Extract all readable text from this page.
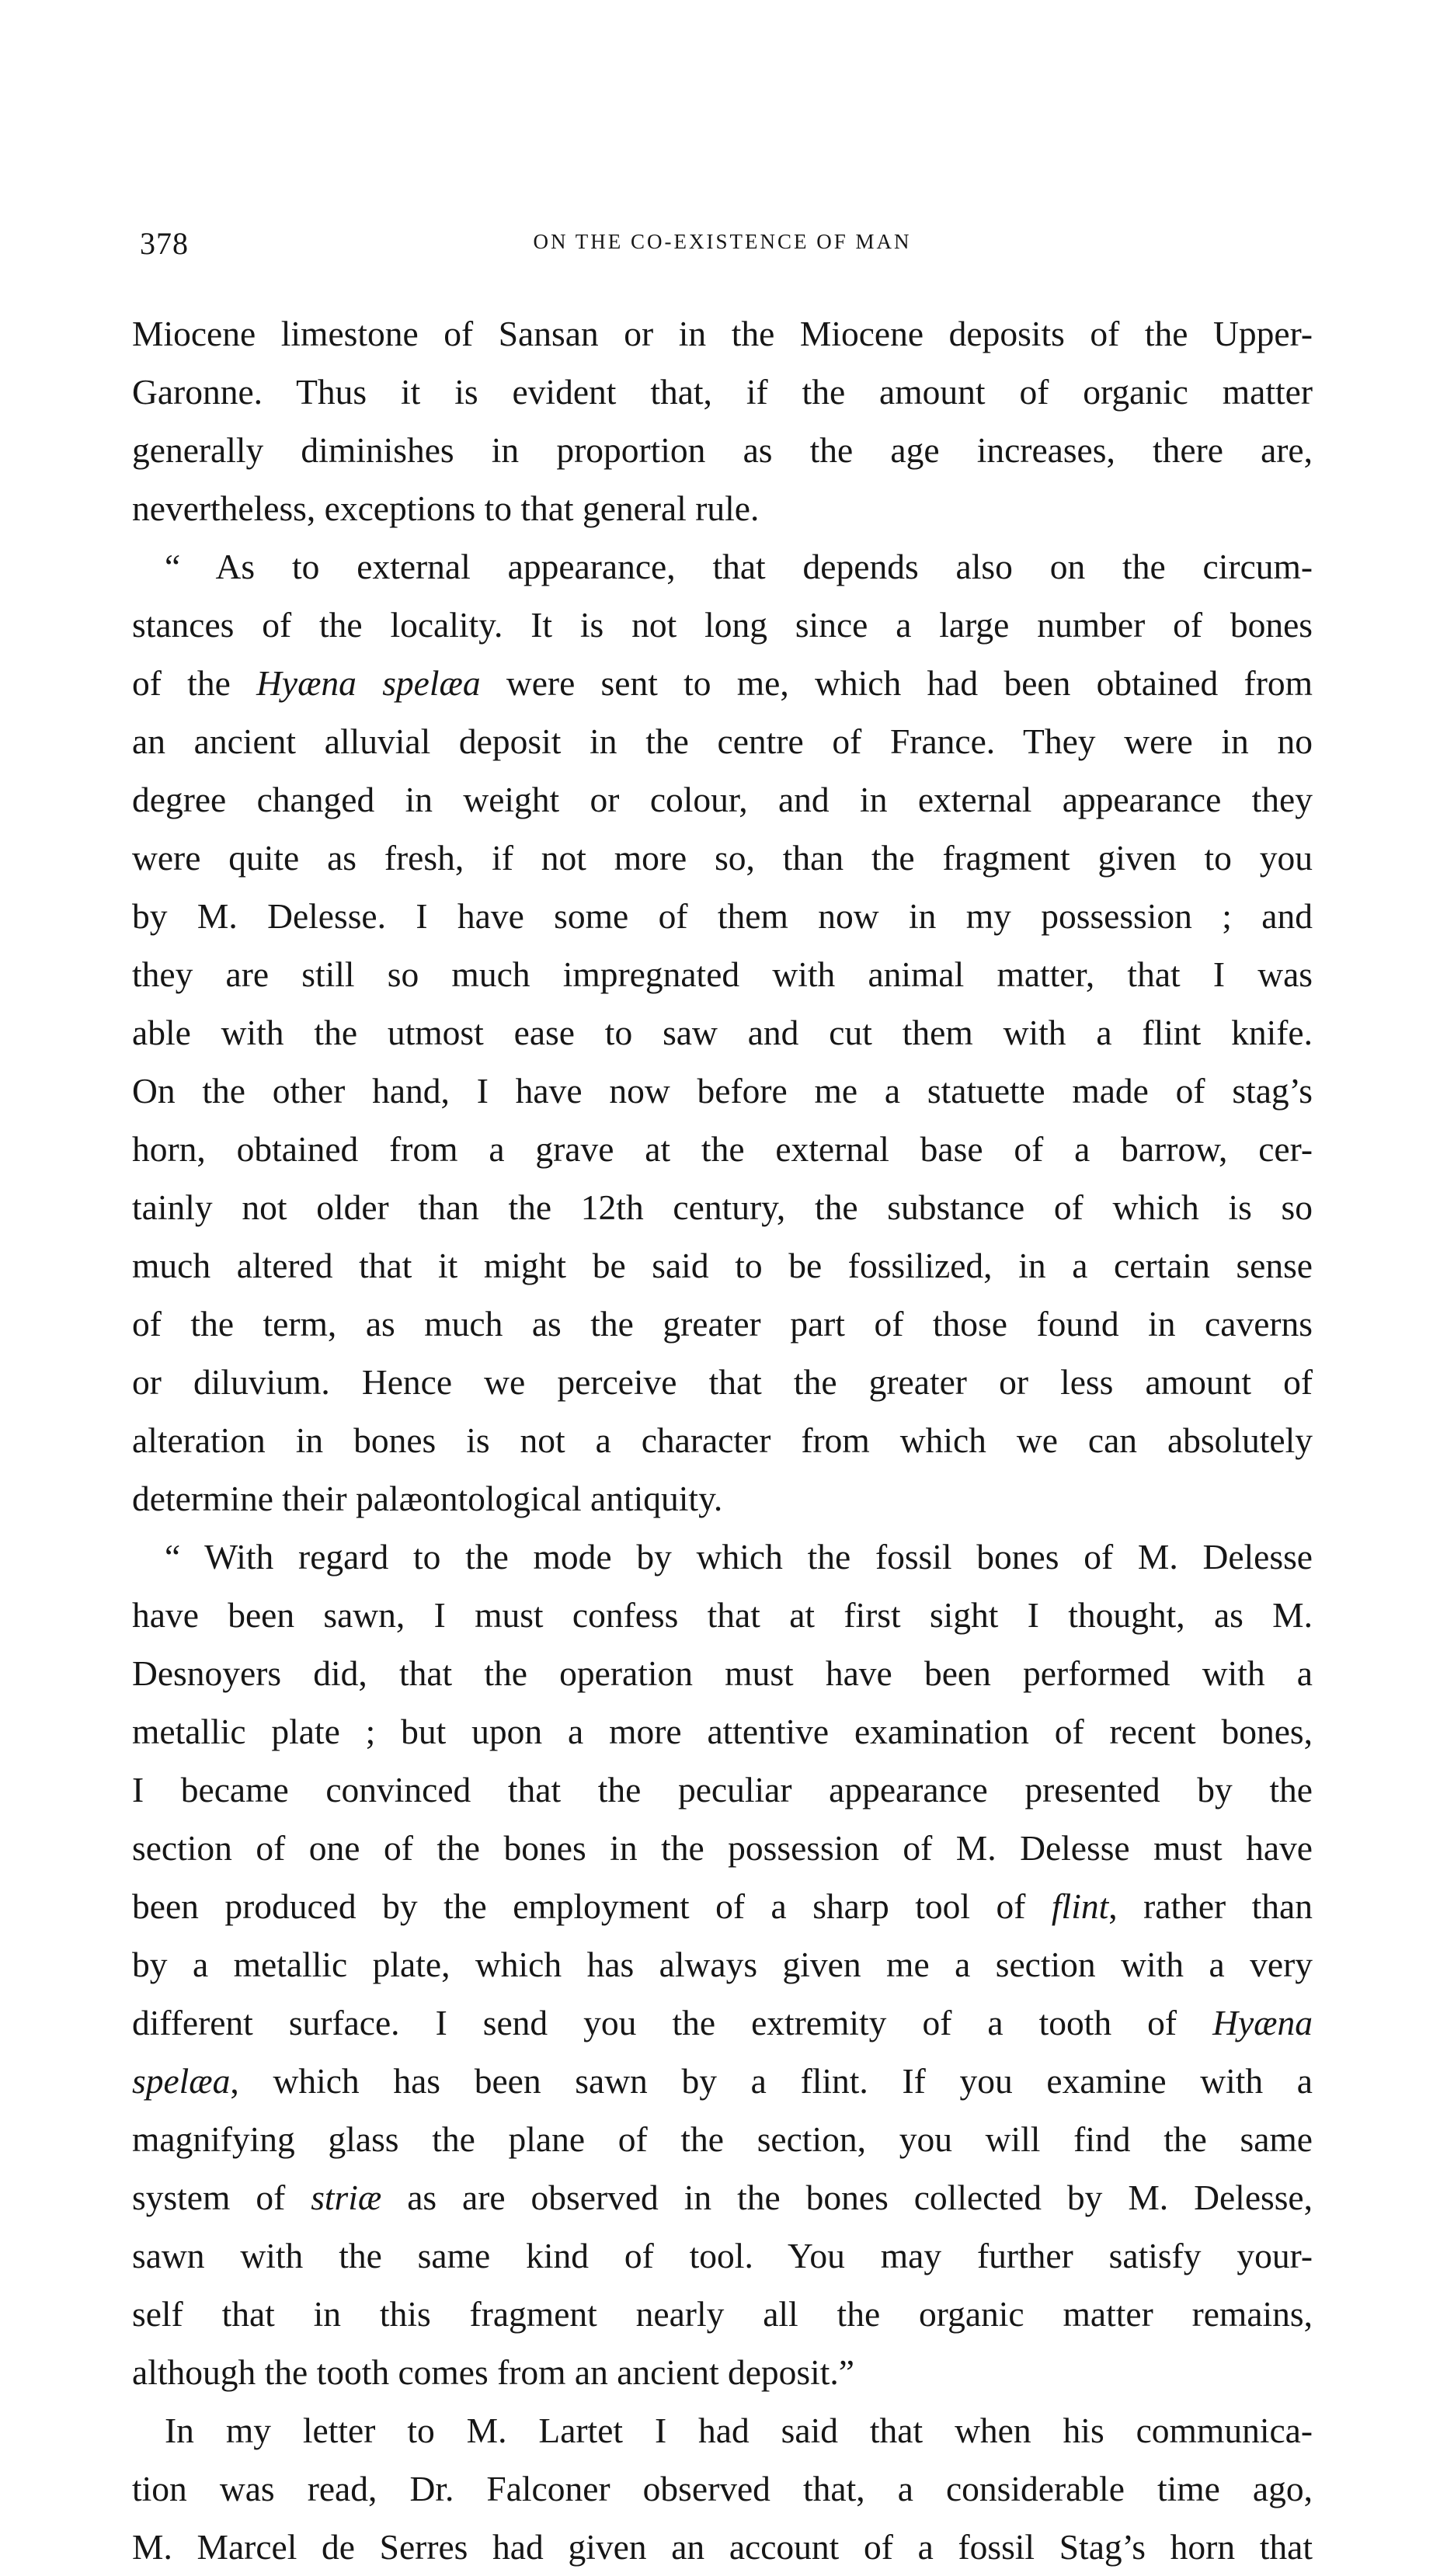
378	ON THE CO-EXISTENCE OF MAN
Miocene limestone of Sansan or in the Miocene deposits of the Upper-
Garonne. Thus it is evident that, if the amount of organic matter
generally diminishes in proportion as the age increases, there are,
nevertheless, exceptions to that general rule.
“ As to external appearance, that depends also on the circum-
stances of the locality. It is not long since a large number of bones
of the Hyæna spelæa were sent to me, which had been obtained from
an ancient alluvial deposit in the centre of France. They were in no
degree changed in weight or colour, and in external appearance they
were quite as fresh, if not more so, than the fragment given to you
by M. Delesse. I have some of them now in my possession ; and
they are still so much impregnated with animal matter, that I was
able with the utmost ease to saw and cut them with a flint knife.
On the other hand, I have now before me a statuette made of stag’s
horn, obtained from a grave at the external base of a barrow, cer-
tainly not older than the 12th century, the substance of which is so
much altered that it might be said to be fossilized, in a certain sense
of the term, as much as the greater part of those found in caverns
or diluvium. Hence we perceive that the greater or less amount of
alteration in bones is not a character from which we can absolutely
determine their palæontological antiquity.
“ With regard to the mode by which the fossil bones of M. Delesse
have been sawn, I must confess that at first sight I thought, as M.
Desnoyers did, that the operation must have been performed with a
metallic plate ; but upon a more attentive examination of recent bones,
I became convinced that the peculiar appearance presented by the
section of one of the bones in the possession of M. Delesse must have
been produced by the employment of a sharp tool of flint, rather than
by a metallic plate, which has always given me a section with a very
different surface. I send you the extremity of a tooth of Hyæna
spelæa, which has been sawn by a flint. If you examine with a
magnifying glass the plane of the section, you will find the same
system of striæ as are observed in the bones collected by M. Delesse,
sawn with the same kind of tool. You may further satisfy your-
self that in this fragment nearly all the organic matter remains,
although the tooth comes from an ancient deposit.”
In my letter to M. Lartet I had said that when his communica-
tion was read, Dr. Falconer observed that, a considerable time ago,
M. Marcel de Serres had given an account of a fossil Stag’s horn that
